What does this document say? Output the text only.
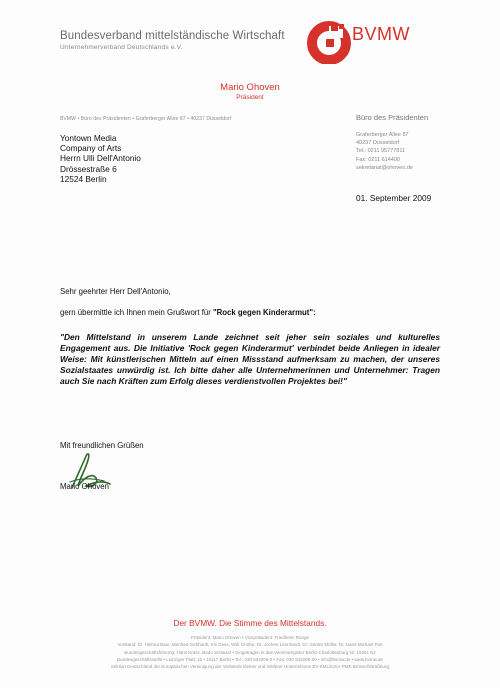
Bundesverband mittelständische Wirtschaft
Unternehmerverband Deutschlands e.V.
BVMW
Mario Ohoven
Präsident
BVMW • Büro des Präsidenten • Graferberger Allee 87 • 40237 Düsseldorf	Büro des Präsidenten
Graferberger Allee 87
40237 Düsseldorf
Tel.: 0211 95777811
Fax: 0211 614400
sekretariat@ohoven.de
Yontown Media
Company of Arts
Herrn Ulli Dell'Antonio
Drössestraße 6
12524 Berlin
01. September 2009
Sehr geehrter Herr Dell'Antonio,
gern übermittle ich Ihnen mein Grußwort für "Rock gegen Kinderarmut":
"Den Mittelstand in unserem Lande zeichnet seit jeher sein soziales und kulturelles Engagement aus. Die Initiative 'Rock gegen Kinderarmut' verbindet beide Anliegen in idealer Weise: Mit künstlerischen Mitteln auf einen Missstand aufmerksam zu machen, der unseres Sozialstaates unwürdig ist. Ich bitte daher alle Unternehmerinnen und Unternehmer: Tragen auch Sie nach Kräften zum Erfolg dieses verdienstvollen Projektes bei!"
Mit freundlichen Grüßen
Mario Ohoven
Der BVMW. Die Stimme des Mittelstands.
Präsident: Mario Ohoven • Vizepräsident: Friedhelm Runge
Vorstand: Dr. Helmut Baur, Manfred Gebhardt, Iris Gess, Willi Grothe, Dr. Jochen Leonhardt, Dr. Günter Müller, Dr. Hans-Michael Pott
Bundesgeschäftsführung: Hans Kräss, Bodo Schwarz • Eingetragen in das Vereinsregister Berlin-Charlottenburg Nr. 19361 Nz
Bundesgeschäftsstelle • Leipziger Platz 15 • 10117 Berlin • Tel.: 030 533206-0 • Fax: 030 533206-50 • info@bvmw.de • www.bvmw.de
Sektion Deutschland der Europäischen Vereinigung der Verbände kleiner und mittlerer Unternehmen EV-KMU/CEA-PME Brüssel/Straßburg
